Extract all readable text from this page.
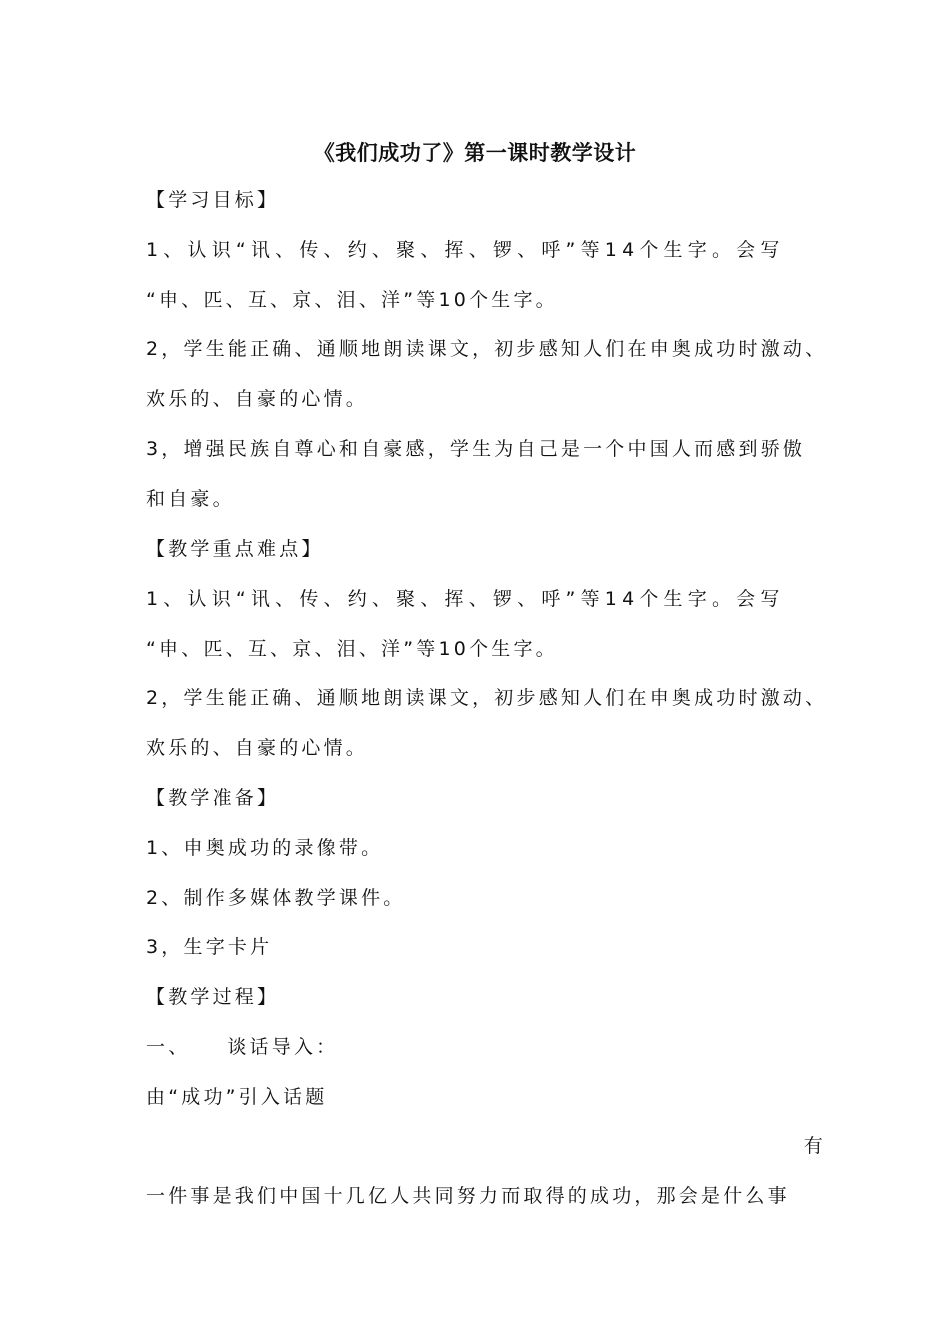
《我们成功了》第一课时教学设计
【学习目标】
1、认识“讯、传、约、聚、挥、锣、呼”等14个生字。会写
“申、匹、互、京、泪、洋”等10个生字。
2，学生能正确、通顺地朗读课文，初步感知人们在申奥成功时激动、
欢乐的、自豪的心情。
3，增强民族自尊心和自豪感，学生为自己是一个中国人而感到骄傲
和自豪。
【教学重点难点】
1、认识“讯、传、约、聚、挥、锣、呼”等14个生字。会写
“申、匹、互、京、泪、洋”等10个生字。
2，学生能正确、通顺地朗读课文，初步感知人们在申奥成功时激动、
欢乐的、自豪的心情。
【教学准备】
1、申奥成功的录像带。
2、制作多媒体教学课件。
3，生字卡片
【教学过程】
一、    谈话导入：
由“成功”引入话题
有
一件事是我们中国十几亿人共同努力而取得的成功，那会是什么事
